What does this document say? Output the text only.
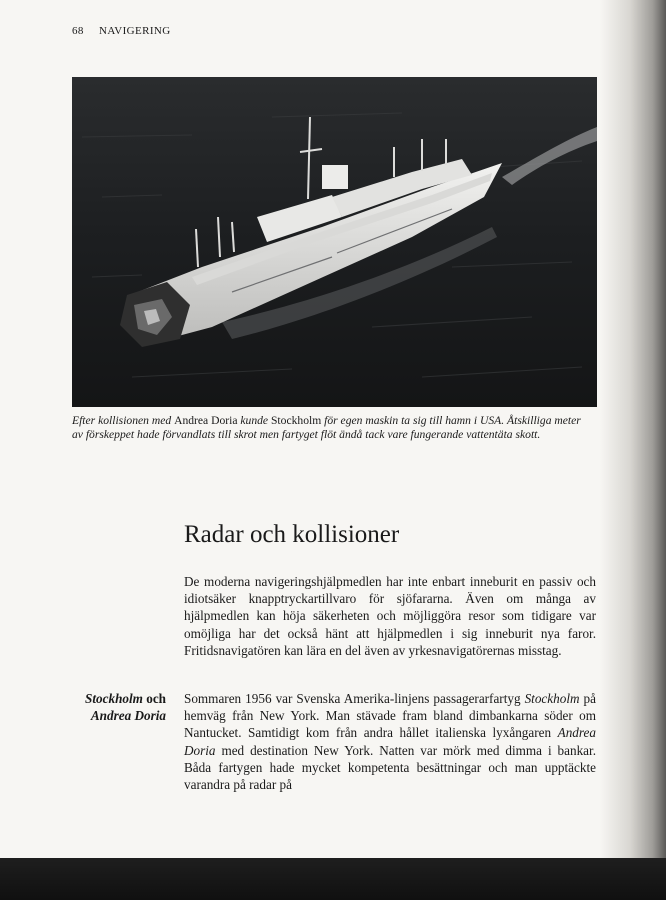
68 NAVIGERING
Efter kollisionen med Andrea Doria kunde Stockholm för egen maskin ta sig till hamn i USA. Åtskilliga meter av förskeppet hade förvandlats till skrot men fartyget flöt ändå tack vare fungerande vattentäta skott.
Radar och kollisioner

De moderna navigeringshjälpmedlen har inte enbart inneburit en passiv och idiotsäker knapptryckartillvaro för sjöfararna. Även om många av hjälpmedlen kan höja säkerheten och möjliggöra resor som tidigare var omöjliga har det också hänt att hjälpmedlen i sig inneburit nya faror. Fritidsnavigatören kan lära en del även av yrkesnavigatörernas misstag.

Stockholm och
Andrea Doria

Sommaren 1956 var Svenska Amerika-linjens passagerarfartyg Stockholm på hemväg från New York. Man stävade fram bland dimbankarna söder om Nantucket. Samtidigt kom från andra hållet italienska lyxångaren Andrea Doria med destination New York. Natten var mörk med dimma i bankar. Båda fartygen hade mycket kompetenta besättningar och man upptäckte varandra på radar på
